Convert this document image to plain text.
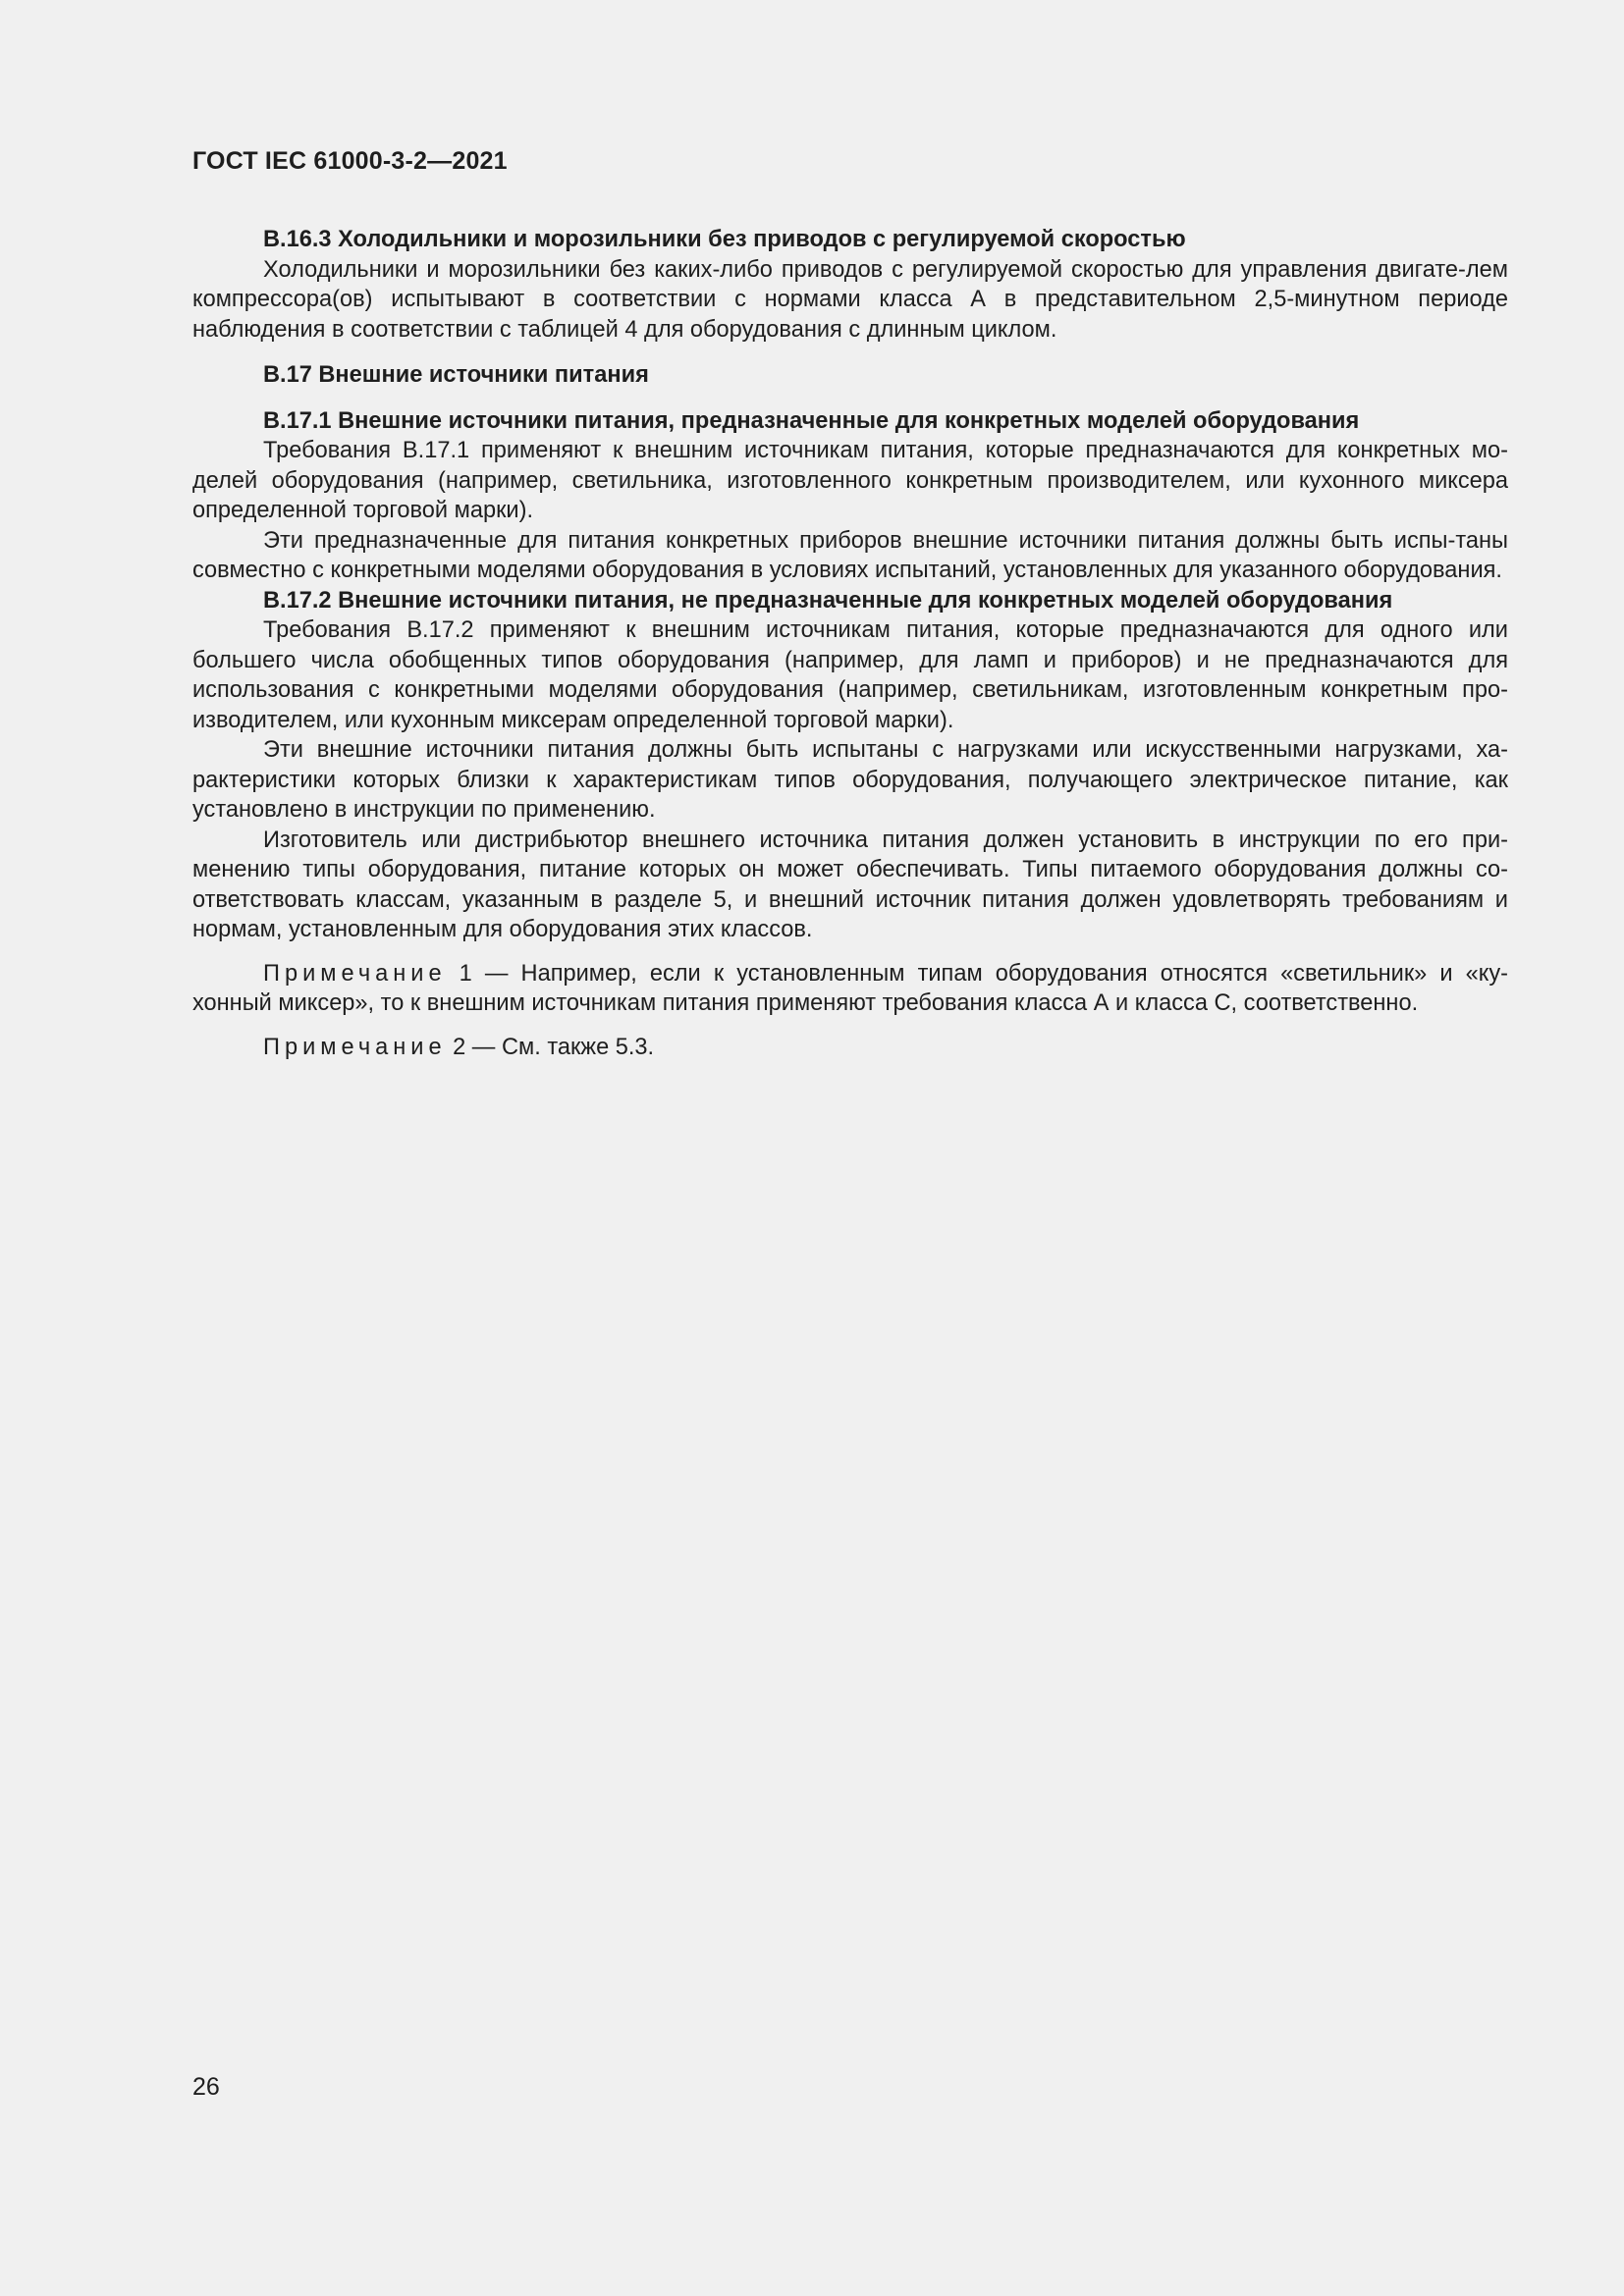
ГОСТ IEC 61000-3-2—2021
B.16.3 Холодильники и морозильники без приводов с регулируемой скоростью

Холодильники и морозильники без каких-либо приводов с регулируемой скоростью для управления двигате-лем компрессора(ов) испытывают в соответствии с нормами класса А в представительном 2,5-минутном периоде наблюдения в соответствии с таблицей 4 для оборудования с длинным циклом.

B.17 Внешние источники питания
B.17.1 Внешние источники питания, предназначенные для конкретных моделей оборудования

Требования B.17.1 применяют к внешним источникам питания, которые предназначаются для конкретных мо-делей оборудования (например, светильника, изготовленного конкретным производителем, или кухонного миксера определенной торговой марки).

Эти предназначенные для питания конкретных приборов внешние источники питания должны быть испы-таны совместно с конкретными моделями оборудования в условиях испытаний, установленных для указанного оборудования.

B.17.2 Внешние источники питания, не предназначенные для конкретных моделей оборудования

Требования B.17.2 применяют к внешним источникам питания, которые предназначаются для одного или большего числа обобщенных типов оборудования (например, для ламп и приборов) и не предназначаются для использования с конкретными моделями оборудования (например, светильникам, изготовленным конкретным про-изводителем, или кухонным миксерам определенной торговой марки).

Эти внешние источники питания должны быть испытаны с нагрузками или искусственными нагрузками, ха-рактеристики которых близки к характеристикам типов оборудования, получающего электрическое питание, как установлено в инструкции по применению.

Изготовитель или дистрибьютор внешнего источника питания должен установить в инструкции по его при-менению типы оборудования, питание которых он может обеспечивать. Типы питаемого оборудования должны со-ответствовать классам, указанным в разделе 5, и внешний источник питания должен удовлетворять требованиям и нормам, установленным для оборудования этих классов.

Примечание 1 — Например, если к установленным типам оборудования относятся «светильник» и «ку-хонный миксер», то к внешним источникам питания применяют требования класса А и класса С, соответственно.

Примечание 2 — См. также 5.3.

26
